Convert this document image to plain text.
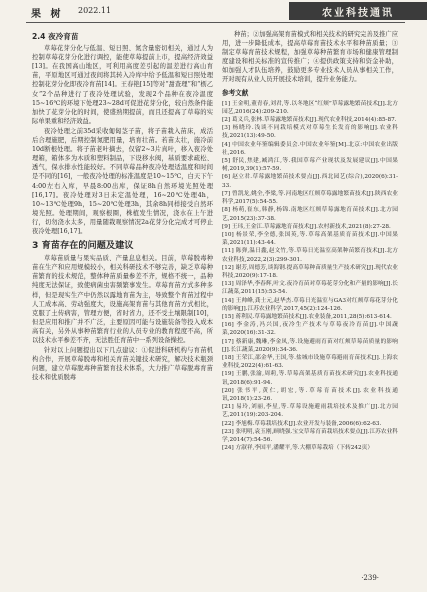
果 树 2022.11	农业科技通讯
2.4 夜冷育苗

草莓花芽分化与低温、短日照、氮含量密切相关，通过人为控制草莓花芽分化进行调控，能使草莓提前上市，提高经济效益[13]。在我国高山地区，可利用高度差引起的温差进行高山育苗，平原地区可通过夜间将其转入冷库中给予低温和短日照处理控制花芽分化即夜冷育苗[14]。王春艳[15]等对“甜查理”和“枥乙女”2个品种进行了夜冷处理试验，发现2个品种在夜冷温度15~16℃的环境下处理23~28d可促进花芽分化，较自然条件能加快了花芽分化的时间，使盛熟期提前，而且还提高了草莓的实际单果重和经济效益。

夜冷处理之前35d采收匍匐茎子苗，将子苗栽入苗床，成活后合理施肥，后期控制氮肥用量，培育壮苗。若苗太壮，施冷前10d断根处理。将子苗老叶摘去，仅留2~3片真叶，移入夜冷处理箱，箱体多为木质和塑料制品，下设移水阀，基质要求疏松、透气，保水排水性能较好。不同草莓品种夜冷处理适温度和时间是不同的[16]，一般夜冷处理的标准温度是10~15℃，白天下午4:00左右入库，早晨8:00出库，保证8h自然环境光照处理[16,17]。夜冷处理对3日未定温处理，16~20℃处理4h，10~13℃处理9h，15~20℃处理3h，其余8h同样接受自然环境光照。处理期间，观察根圈，株植发生情况，浇水在上午进行，切勿浇水太多，用量随栽观察情况2a花芽分化完成才可停止夜冷处理[16,17]。

3 育苗存在的问题及建议

草莓苗质量与果实品质、产量息息相关。目前，草莓脱毒种苗在生产和应用规模较小，相关科研技术不够完善，缺乏草莓种苗繁育的技术规范，整体种苗质量参差不齐，规格不统一，品种纯度无法保证，致使病菌虫害频繁事发生。草莓育苗方式多种多样，但是现实生产中仍然以露地育苗为主，导致整个育苗过程中人工成本高、劳动强度大，设施高架育苗与其他育苗方式相比，克服了土传病害，管理方便，省时省力，还不受土壤限制[10]，但是应用和推广并不广泛，主要原因可能与设施装备等投入成本高有关，另外从事种苗繁育行业的人员专业的教育程度不高，所以技术水平参差不齐，无法胜任育苗中一系列设备操控。

针对以上问题提出以下几点建议：①促进科研机构与育苗机构合作，开展草莓脱毒和相关育苗关键技术研究，解决技术瓶颈问题，建立草莓脱毒种苗繁育技术体系，大力推广草莓脱毒育苗技术和优质脱毒

种苗；②加强高架育苗模式和相关技术的研究完善及推广应用，进一步降低成本，提高草莓育苗技术水平和种苗质量；③制定草莓育苗技术规程，加强草莓种苗繁育市场和健康管理制度建设和相关标准的宣传推广；④提供政策支持和资金补助，如加强人才队伍培养，鼓励更多专业技术人员从事相关工作，开对现有从业人员开展技术培训，提升业务能力。

参考文献

[1] 王金明,董青春,刘君,等.以冬地区“红颊”草莓露地繁苗技术[J].北方园艺,2016(24):209-210.

[2] 葛义兵,张林.草莓露地繁苗技术[J].现代农业科技,2014(4):85-87.

[3] 杨晓玲.浅谈不同栽培模式对草莓生长发育的影响[J].农业科技,2021(13):49-50.

[4] 中国农业年鉴编辑委员会.中国农业年鉴[M].北京:中国农业出版社,2016.

[5] 舒民,焦建,臧鸿江,等.我国草莓产业现状及发展建议[J].中国果树,2019,39(1):57-59.

[6] 赵立君.草莓露地繁苗技术要点[J].西北园艺(综合),2020(6):31-33.

[7] 曾凯龙,姚全,李梁,等.河南地区红颊草莓露地繁苗技术[J].陕西农业科学,2017(5):54-55.

[8] 杨萌,崔东,韩静,杨锦.南地区红颊草莓露地育苗技术[J].北方园艺,2015(23):37-38.

[9] 王玮,王金江.草莓露地育苗技术[J].农村新技术,2021(8):27-28.

[10] 杨景荣,李全德,张国英,等.草莓高架基质育苗技术[J].中国果菜,2021(11):43-44.

[11] 陈弹,温日鑫,赵文竹,等.草莓日光温室高架种苗繁育技术[J].北方农业科技,2022,2(3):299-301.

[12] 谢芳,周德芳,谈海钢.提高草莓种苗质量生产技术研究[J].现代农业科技,2020(9):17-18.

[13] 周泽华,李春辉,叶文.夜冷育苗对草莓花芽分化和产量的影响[J].长江蔬菜,2011(15):53-54.

[14] 王帅峰,龚士元,赵华杰.草莓日光温室与GA3对红颊草莓花芽分化的影响[J].江苏农业科学,2017,45(2):124-126.

[15] 蒋利民.草莓露地繁苗技术[J].农业装备,2011,28(5):613-614.

[16] 李金涛,冯兴国,夜冷生产技术与草莓夜冷育苗[J].中国蔬菜,2020(16):31-32.

[17] 蔡新康,魏琳,李金凤,等.设施避雨育苗对红颊草莓苗质量的影响[J].长江蔬菜,2020(9):34-36.

[18] 王荣江,邵金华,王国,等.盐城市设施草莓避雨育苗技术[J].上海农业科技,2022(4):61-63.

[19] 王鹏,张渝,周莉,等.草莓高架基质育苗技术研究[J].农业科技通讯,2018(6):91-94.

[20] 张书平,黄仁,胡宏,等.草莓育苗技术[J].农业科技通讯,2018(1):23-26.

[21] 易玲,刘丽,李星,等.草莓设施避雨栽培技术及推广[J].北方园艺,2011(19):203-204.

[22] 李旭梅.草莓栽培技术[J].农业开发与装备,2006(6):62-63.

[23] 张明明,袁玉刚,顾晓强.宝交草莓育苗栽培技术要点[J].江苏农业科学,2014(7):54-56.

[24] 方淑祥,李国平,潘耀平,等.大棚草莓栽培（下转242页）

·239·
